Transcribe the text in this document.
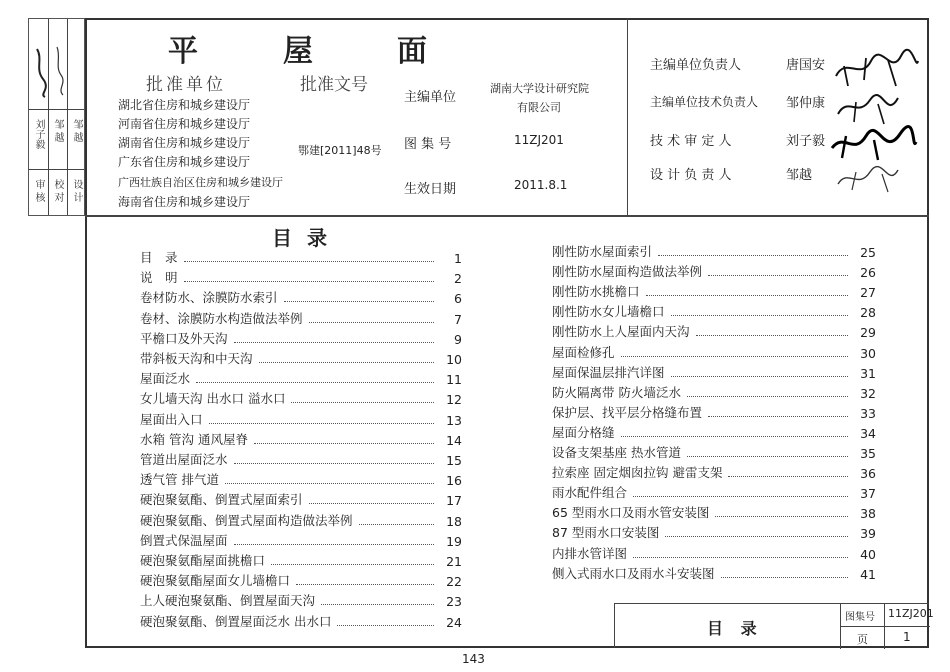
审 核 校 对 设 计
刘子毅 邹 越 邹 越
平	屋	面
批准单位	批准文号
湖北省住房和城乡建设厅
河南省住房和城乡建设厅
湖南省住房和城乡建设厅
广东省住房和城乡建设厅
广西壮族自治区住房和城乡建设厅
海南省住房和城乡建设厅
鄂建[2011]48号
主编单位
湖南大学设计研究院
有限公司
图 集 号	11ZJ201
生效日期	2011.8.1
主编单位负责人	唐国安
主编单位技术负责人 邹仲康
技 术 审 定 人	刘子毅
设 计 负 责 人	邹越
目 录
目　录	1
说　明	2
卷材防水、涂膜防水索引	6
卷材、涂膜防水构造做法举例	7
平檐口及外天沟	9
带斜板天沟和中天沟	10
屋面泛水	11
女儿墙天沟 出水口 溢水口	12
屋面出入口	13
水箱 管沟 通风屋脊	14
管道出屋面泛水	15
透气管 排气道	16
硬泡聚氨酯、倒置式屋面索引	17
硬泡聚氨酯、倒置式屋面构造做法举例	18
倒置式保温屋面	19
硬泡聚氨酯屋面挑檐口	21
硬泡聚氨酯屋面女儿墙檐口	22
上人硬泡聚氨酯、倒置屋面天沟	23
硬泡聚氨酯、倒置屋面泛水 出水口	24
刚性防水屋面索引	25
刚性防水屋面构造做法举例	26
刚性防水挑檐口	27
刚性防水女儿墙檐口	28
刚性防水上人屋面内天沟	29
屋面检修孔	30
屋面保温层排汽详图	31
防火隔离带 防火墙泛水	32
保护层、找平层分格缝布置	33
屋面分格缝	34
设备支架基座 热水管道	35
拉索座 固定烟囱拉钩 避雷支架	36
雨水配件组合	37
65 型雨水口及雨水管安装图	38
87 型雨水口安装图	39
内排水管详图	40
侧入式雨水口及雨水斗安装图	41
目 录
图集号 11ZJ201
页	1
143
